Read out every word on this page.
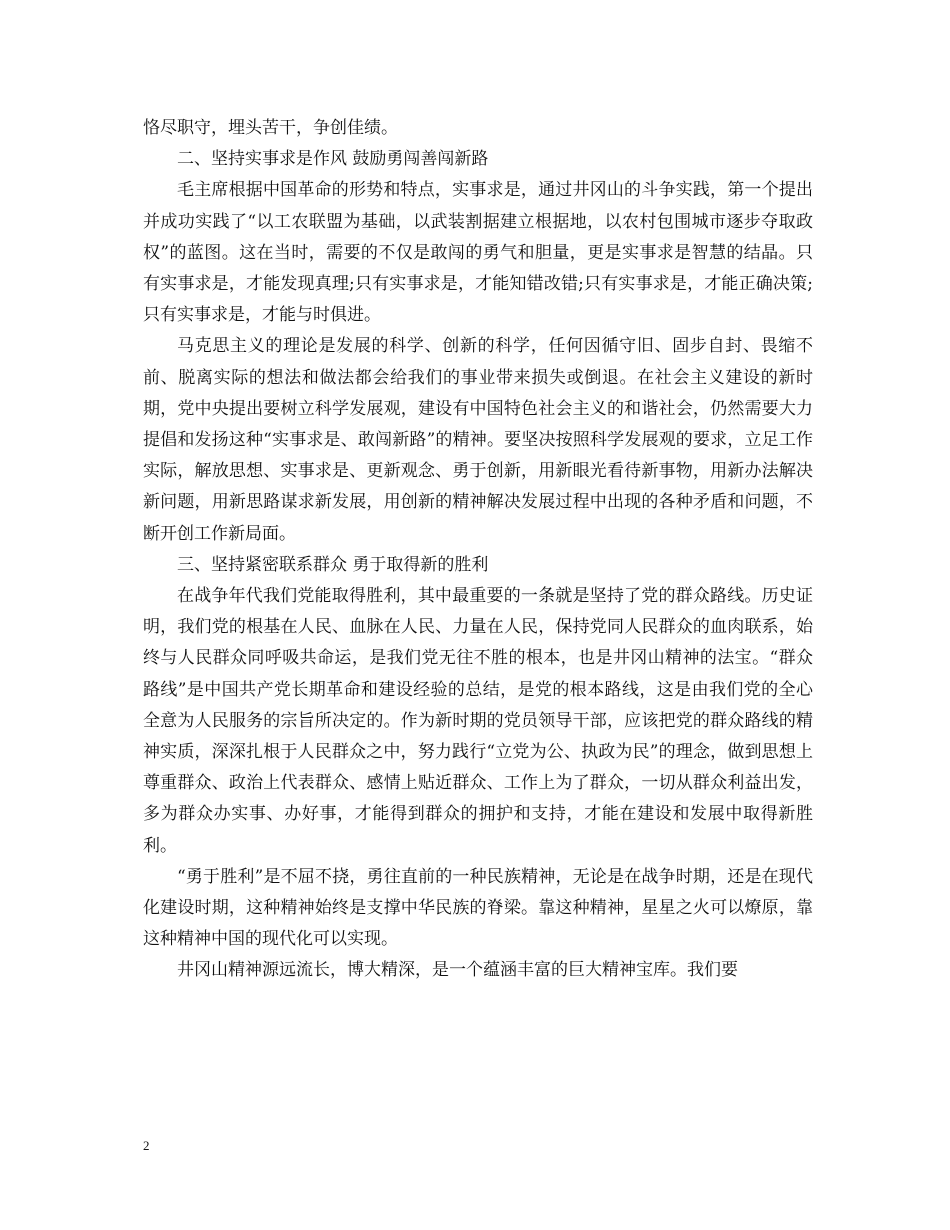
恪尽职守，埋头苦干，争创佳绩。

二、坚持实事求是作风 鼓励勇闯善闯新路

毛主席根据中国革命的形势和特点，实事求是，通过井冈山的斗争实践，第一个提出并成功实践了“以工农联盟为基础，以武装割据建立根据地，以农村包围城市逐步夺取政权”的蓝图。这在当时，需要的不仅是敢闯的勇气和胆量，更是实事求是智慧的结晶。只有实事求是，才能发现真理;只有实事求是，才能知错改错;只有实事求是，才能正确决策;只有实事求是，才能与时俱进。

马克思主义的理论是发展的科学、创新的科学，任何因循守旧、固步自封、畏缩不前、脱离实际的想法和做法都会给我们的事业带来损失或倒退。在社会主义建设的新时期，党中央提出要树立科学发展观，建设有中国特色社会主义的和谐社会，仍然需要大力提倡和发扬这种“实事求是、敢闯新路”的精神。要坚决按照科学发展观的要求，立足工作实际，解放思想、实事求是、更新观念、勇于创新，用新眼光看待新事物，用新办法解决新问题，用新思路谋求新发展，用创新的精神解决发展过程中出现的各种矛盾和问题，不断开创工作新局面。

三、坚持紧密联系群众 勇于取得新的胜利

在战争年代我们党能取得胜利，其中最重要的一条就是坚持了党的群众路线。历史证明，我们党的根基在人民、血脉在人民、力量在人民，保持党同人民群众的血肉联系，始终与人民群众同呼吸共命运，是我们党无往不胜的根本，也是井冈山精神的法宝。“群众路线”是中国共产党长期革命和建设经验的总结，是党的根本路线，这是由我们党的全心全意为人民服务的宗旨所决定的。作为新时期的党员领导干部，应该把党的群众路线的精神实质，深深扎根于人民群众之中，努力践行“立党为公、执政为民”的理念，做到思想上尊重群众、政治上代表群众、感情上贴近群众、工作上为了群众，一切从群众利益出发，多为群众办实事、办好事，才能得到群众的拥护和支持，才能在建设和发展中取得新胜利。

“勇于胜利”是不屈不挠，勇往直前的一种民族精神，无论是在战争时期，还是在现代化建设时期，这种精神始终是支撑中华民族的脊梁。靠这种精神，星星之火可以燎原，靠这种精神中国的现代化可以实现。

井冈山精神源远流长，博大精深，是一个蕴涵丰富的巨大精神宝库。我们要

2
